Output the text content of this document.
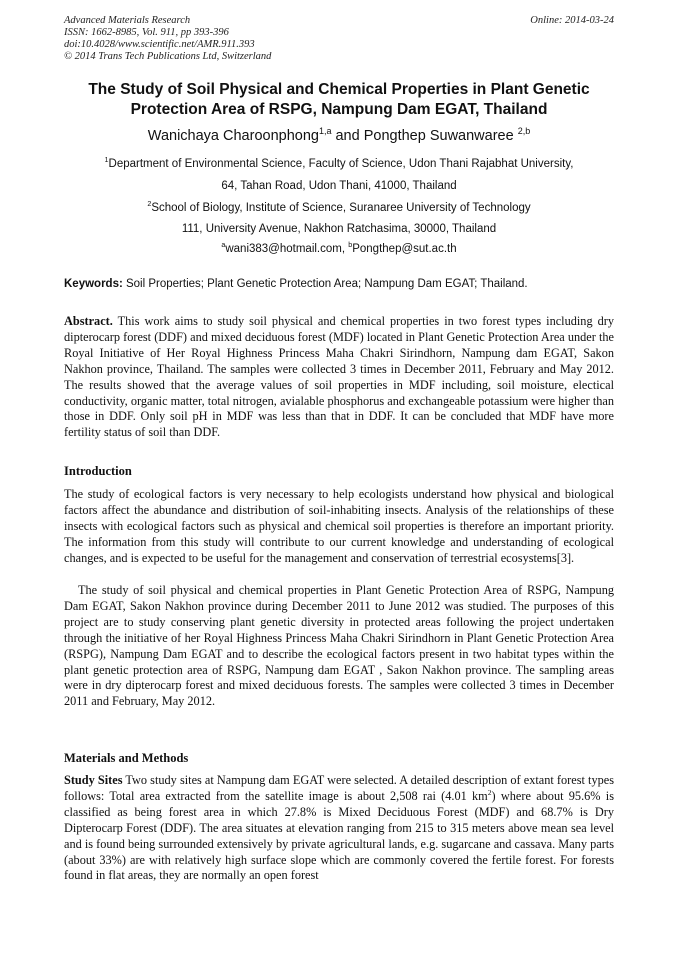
Advanced Materials Research
ISSN: 1662-8985, Vol. 911, pp 393-396
doi:10.4028/www.scientific.net/AMR.911.393
© 2014 Trans Tech Publications Ltd, Switzerland
Online: 2014-03-24
The Study of Soil Physical and Chemical Properties in Plant Genetic Protection Area of RSPG, Nampung Dam EGAT, Thailand
Wanichaya Charoonphong$^{1,a}$ and Pongthep Suwanwaree $^{2,b}$
$^1$Department of Environmental Science, Faculty of Science, Udon Thani Rajabhat University,
64, Tahan Road, Udon Thani, 41000, Thailand
$^2$School of Biology, Institute of Science, Suranaree University of Technology
111, University Avenue, Nakhon Ratchasima, 30000, Thailand
$^a$wani383@hotmail.com, $^b$Pongthep@sut.ac.th
Keywords: Soil Properties; Plant Genetic Protection Area; Nampung Dam EGAT; Thailand.
Abstract. This work aims to study soil physical and chemical properties in two forest types including dry dipterocarp forest (DDF) and mixed deciduous forest (MDF) located in Plant Genetic Protection Area under the Royal Initiative of Her Royal Highness Princess Maha Chakri Sirindhorn, Nampung dam EGAT, Sakon Nakhon province, Thailand. The samples were collected 3 times in December 2011, February and May 2012. The results showed that the average values of soil properties in MDF including, soil moisture, electical conductivity, organic matter, total nitrogen, avialable phosphorus and exchangeable potassium were higher than those in DDF. Only soil pH in MDF was less than that in DDF. It can be concluded that MDF have more fertility status of soil than DDF.
Introduction
The study of ecological factors is very necessary to help ecologists understand how physical and biological factors affect the abundance and distribution of soil-inhabiting insects. Analysis of the relationships of these insects with ecological factors such as physical and chemical soil properties is therefore an important priority. The information from this study will contribute to our current knowledge and understanding of ecological changes, and is expected to be useful for the management and conservation of terrestrial ecosystems[3].
The study of soil physical and chemical properties in Plant Genetic Protection Area of RSPG, Nampung Dam EGAT, Sakon Nakhon province during December 2011 to June 2012 was studied. The purposes of this project are to study conserving plant genetic diversity in protected areas following the project undertaken through the initiative of her Royal Highness Princess Maha Chakri Sirindhorn in Plant Genetic Protection Area (RSPG), Nampung Dam EGAT and to describe the ecological factors present in two habitat types within the plant genetic protection area of RSPG, Nampung dam EGAT , Sakon Nakhon province. The sampling areas were in dry dipterocarp forest and mixed deciduous forests. The samples were collected 3 times in December 2011 and February, May 2012.
Materials and Methods
Study Sites Two study sites at Nampung dam EGAT were selected. A detailed description of extant forest types follows: Total area extracted from the satellite image is about 2,508 rai (4.01 $km^2$) where about 95.6% is classified as being forest area in which 27.8% is Mixed Deciduous Forest (MDF) and 68.7% is Dry Dipterocarp Forest (DDF). The area situates at elevation ranging from 215 to 315 meters above mean sea level and is found being surrounded extensively by private agricultural lands, e.g. sugarcane and cassava. Many parts (about 33%) are with relatively high surface slope which are commonly covered the fertile forest. For forests found in flat areas, they are normally an open forest
